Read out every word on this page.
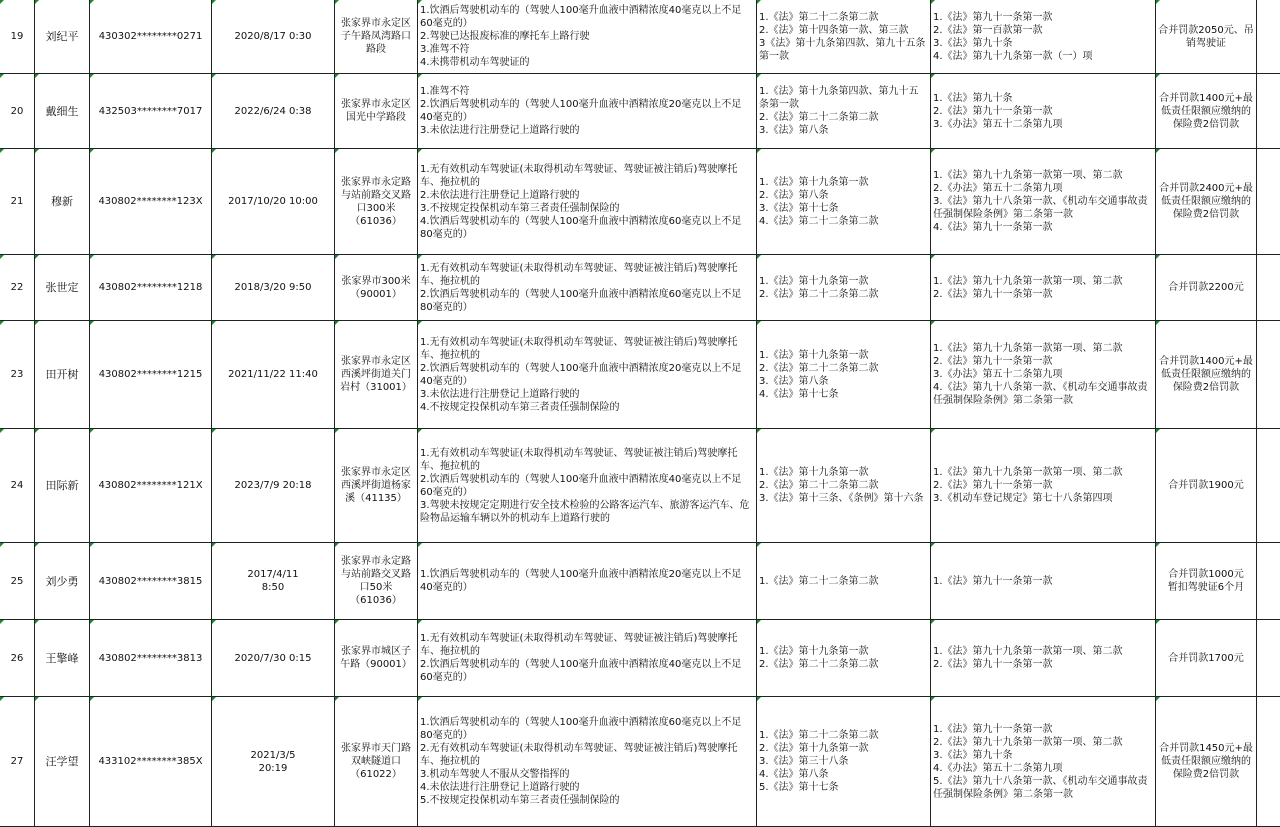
19	刘纪平	430302********0271	2020/8/17 0:30	张家界市永定区子午路凤湾路口路段	1.饮酒后驾驶机动车的（驾驶人100毫升血液中酒精浓度40毫克以上不足60毫克的）
2.驾驶已达报废标准的摩托车上路行驶
3.准驾不符
4.未携带机动车驾驶证的	1.《法》第二十二条第二款
2.《法》第十四条第一款、第三款
3《法》第十九条第四款、第九十五条第一款	1.《法》第九十一条第一款
2.《法》第一百款第一款
3.《法》第九十条
4.《法》第九十九条第一款（一）项	合并罚款2050元、吊销驾驶证	

20	戴细生	432503********7017	2022/6/24 0:38	张家界市永定区国光中学路段	1.准驾不符
2.饮酒后驾驶机动车的（驾驶人100毫升血液中酒精浓度20毫克以上不足40毫克的）
3.未依法进行注册登记上道路行驶的	1.《法》第十九条第四款、第九十五条第一款
2.《法》第二十二条第二款
3.《法》第八条	1.《法》第九十条
2.《法》第九十一条第一款
3.《办法》第五十二条第九项	合并罚款1400元+最低责任限额应缴纳的保险费2倍罚款	

21	穆新	430802********123X	2017/10/20 10:00	张家界市永定路与站前路交叉路口300米（61036）	1.无有效机动车驾驶证(未取得机动车驾驶证、驾驶证被注销后)驾驶摩托车、拖拉机的
2.未依法进行注册登记上道路行驶的
3.不按规定投保机动车第三者责任强制保险的
4.饮酒后驾驶机动车的（驾驶人100毫升血液中酒精浓度60毫克以上不足80毫克的）	1.《法》第十九条第一款
2.《法》第八条
3.《法》第十七条
4.《法》第二十二条第二款	1.《法》第九十九条第一款第一项、第二款
2.《办法》第五十二条第九项
3.《法》第九十八条第一款、《机动车交通事故责任强制保险条例》第二条第一款
4.《法》第九十一条第一款	合并罚款2400元+最低责任限额应缴纳的保险费2倍罚款	

22	张世定	430802********1218	2018/3/20 9:50	张家界市300米（90001）	1.无有效机动车驾驶证(未取得机动车驾驶证、驾驶证被注销后)驾驶摩托车、拖拉机的
2.饮酒后驾驶机动车的（驾驶人100毫升血液中酒精浓度60毫克以上不足80毫克的）	1.《法》第十九条第一款
2.《法》第二十二条第二款	1.《法》第九十九条第一款第一项、第二款
2.《法》第九十一条第一款	合并罚款2200元	

23	田开树	430802********1215	2021/11/22 11:40	张家界市永定区西溪坪街道关门岩村（31001）	1.无有效机动车驾驶证(未取得机动车驾驶证、驾驶证被注销后)驾驶摩托车、拖拉机的
2.饮酒后驾驶机动车的（驾驶人100毫升血液中酒精浓度20毫克以上不足40毫克的）
3.未依法进行注册登记上道路行驶的
4.不按规定投保机动车第三者责任强制保险的	1.《法》第十九条第一款
2.《法》第二十二条第二款
3.《法》第八条
4.《法》第十七条	1.《法》第九十九条第一款第一项、第二款
2.《法》第九十一条第一款
3.《办法》第五十二条第九项
4.《法》第九十八条第一款、《机动车交通事故责任强制保险条例》第二条第一款	合并罚款1400元+最低责任限额应缴纳的保险费2倍罚款	

24	田际新	430802********121X	2023/7/9 20:18	张家界市永定区西溪坪街道杨家溪（41135）	1.无有效机动车驾驶证(未取得机动车驾驶证、驾驶证被注销后)驾驶摩托车、拖拉机的
2.饮酒后驾驶机动车的（驾驶人100毫升血液中酒精浓度40毫克以上不足60毫克的）
3.驾驶未按规定定期进行安全技术检验的公路客运汽车、旅游客运汽车、危险物品运输车辆以外的机动车上道路行驶的	1.《法》第十九条第一款
2.《法》第二十二条第二款
3.《法》第十三条、《条例》第十六条	1.《法》第九十九条第一款第一项、第二款
2.《法》第九十一条第一款
3.《机动车登记规定》第七十八条第四项	合并罚款1900元	

25	刘少勇	430802********3815	2017/4/11
8:50	张家界市永定路与站前路交叉路口50米（61036）	1.饮酒后驾驶机动车的（驾驶人100毫升血液中酒精浓度20毫克以上不足40毫克的）	1.《法》第二十二条第二款	1.《法》第九十一条第一款	合并罚款1000元
暂扣驾驶证6个月	

26	王擎峰	430802********3813	2020/7/30 0:15	张家界市城区子午路（90001）	1.无有效机动车驾驶证(未取得机动车驾驶证、驾驶证被注销后)驾驶摩托车、拖拉机的
2.饮酒后驾驶机动车的（驾驶人100毫升血液中酒精浓度40毫克以上不足60毫克的）	1.《法》第十九条第一款
2.《法》第二十二条第二款	1.《法》第九十九条第一款第一项、第二款
2.《法》第九十一条第一款	合并罚款1700元	

27	汪学望	433102********385X	2021/3/5
20:19	张家界市天门路双峡隧道口（61022）	1.饮酒后驾驶机动车的（驾驶人100毫升血液中酒精浓度60毫克以上不足80毫克的）
2.无有效机动车驾驶证(未取得机动车驾驶证、驾驶证被注销后)驾驶摩托车、拖拉机的
3.机动车驾驶人不服从交警指挥的
4.未依法进行注册登记上道路行驶的
5.不按规定投保机动车第三者责任强制保险的	1.《法》第二十二条第二款
2.《法》第十九条第一款
3.《法》第三十八条
4.《法》第八条
5.《法》第十七条	1.《法》第九十一条第一款
2.《法》第九十九条第一款第一项、第二款
3.《法》第九十条
4.《办法》第五十二条第九项
5.《法》第九十八条第一款、《机动车交通事故责任强制保险条例》第二条第一款	合并罚款1450元+最低责任限额应缴纳的保险费2倍罚款	
